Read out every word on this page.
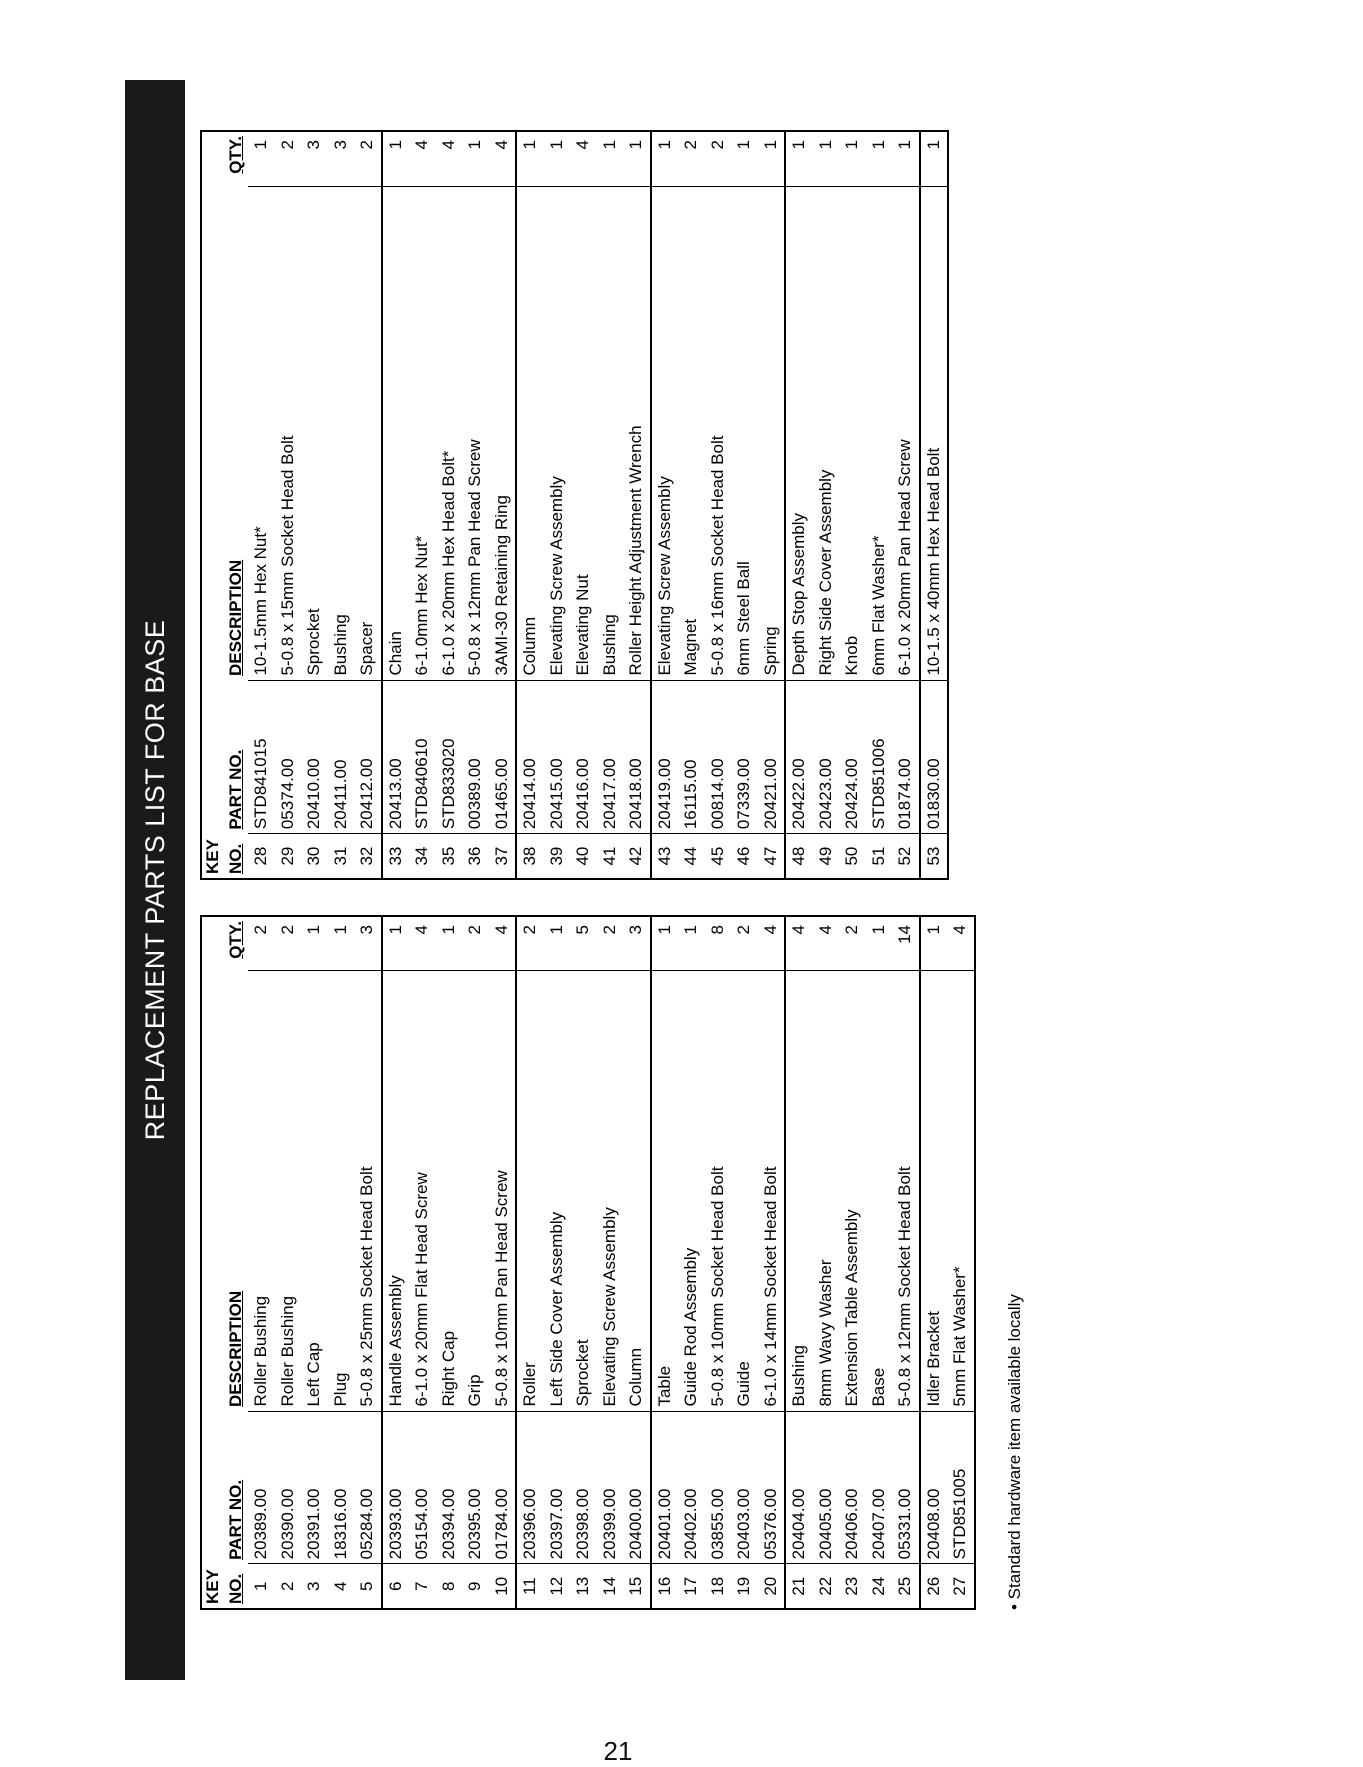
REPLACEMENT PARTS LIST FOR BASE
KEY			
NO.	PART NO.	DESCRIPTION	QTY.
1	20389.00	Roller Bushing	2
2	20390.00	Roller Bushing	2
3	20391.00	Left Cap	1
4	18316.00	Plug	1
5	05284.00	5-0.8 x 25mm Socket Head Bolt	3
6	20393.00	Handle Assembly	1
7	05154.00	6-1.0 x 20mm Flat Head Screw	4
8	20394.00	Right Cap	1
9	20395.00	Grip	2
10	01784.00	5-0.8 x 10mm Pan Head Screw	4
11	20396.00	Roller	2
12	20397.00	Left Side Cover Assembly	1
13	20398.00	Sprocket	5
14	20399.00	Elevating Screw Assembly	2
15	20400.00	Column	3
16	20401.00	Table	1
17	20402.00	Guide Rod Assembly	1
18	03855.00	5-0.8 x 10mm Socket Head Bolt	8
19	20403.00	Guide	2
20	05376.00	6-1.0 x 14mm Socket Head Bolt	4
21	20404.00	Bushing	4
22	20405.00	8mm Wavy Washer	4
23	20406.00	Extension Table Assembly	2
24	20407.00	Base	1
25	05331.00	5-0.8 x 12mm Socket Head Bolt	14
26	20408.00	Idler Bracket	1
27	STD851005	5mm Flat Washer*	4
KEY			
NO.	PART NO.	DESCRIPTION	QTY.
28	STD841015	10-1.5mm Hex Nut*	1
29	05374.00	5-0.8 x 15mm Socket Head Bolt	2
30	20410.00	Sprocket	3
31	20411.00	Bushing	3
32	20412.00	Spacer	2
33	20413.00	Chain	1
34	STD840610	6-1.0mm Hex Nut*	4
35	STD833020	6-1.0 x 20mm Hex Head Bolt*	4
36	00389.00	5-0.8 x 12mm Pan Head Screw	1
37	01465.00	3AMI-30 Retaining Ring	4
38	20414.00	Column	1
39	20415.00	Elevating Screw Assembly	1
40	20416.00	Elevating Nut	4
41	20417.00	Bushing	1
42	20418.00	Roller Height Adjustment Wrench	1
43	20419.00	Elevating Screw Assembly	1
44	16115.00	Magnet	2
45	00814.00	5-0.8 x 16mm Socket Head Bolt	2
46	07339.00	6mm Steel Ball	1
47	20421.00	Spring	1
48	20422.00	Depth Stop Assembly	1
49	20423.00	Right Side Cover Assembly	1
50	20424.00	Knob	1
51	STD851006	6mm Flat Washer*	1
52	01874.00	6-1.0 x 20mm Pan Head Screw	1
53	01830.00	10-1.5 x 40mm Hex Head Bolt	1
• Standard hardware item available locally
21
